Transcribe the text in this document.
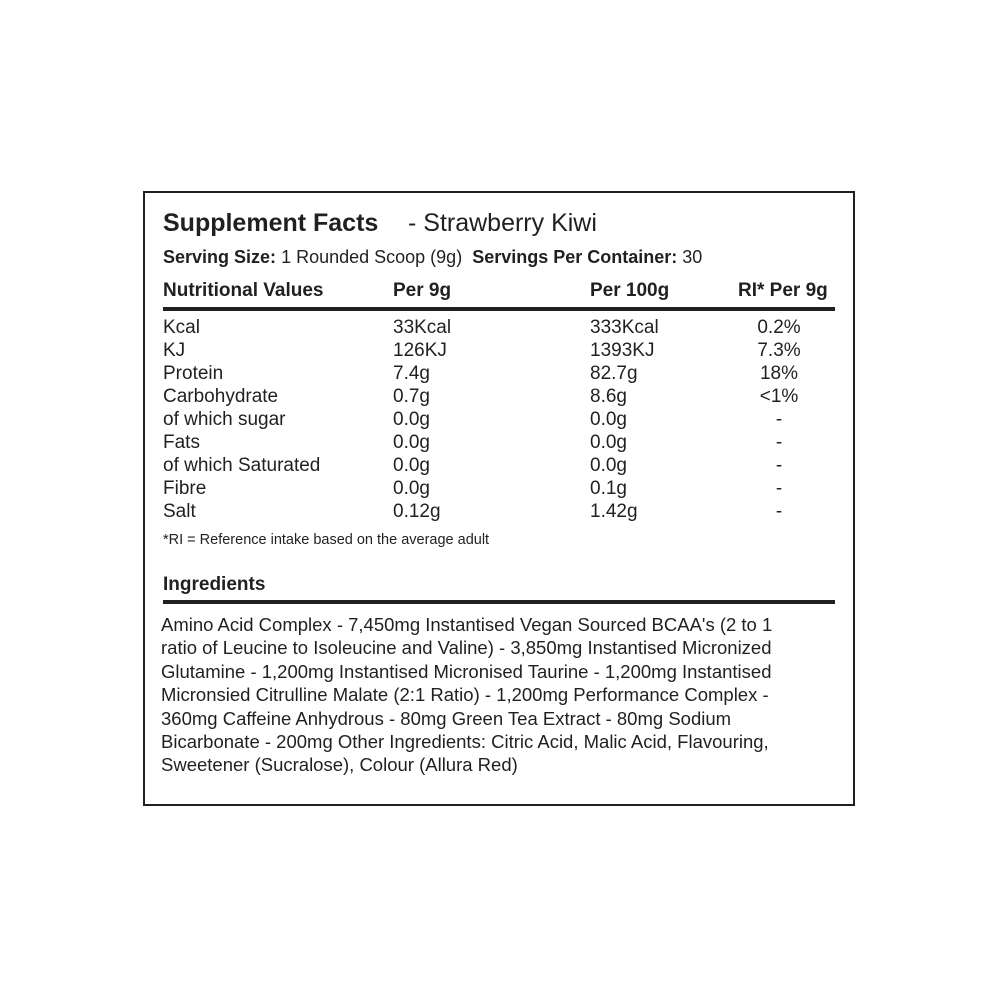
Supplement Facts - Strawberry Kiwi
Serving Size: 1 Rounded Scoop (9g) Servings Per Container: 30
Nutritional Values	Per 9g	Per 100g	RI* Per 9g
Kcal	33Kcal	333Kcal	0.2%
KJ	126KJ	1393KJ	7.3%
Protein	7.4g	82.7g	18%
Carbohydrate	0.7g	8.6g	<1%
of which sugar	0.0g	0.0g	-
Fats	0.0g	0.0g	-
of which Saturated	0.0g	0.0g	-
Fibre	0.0g	0.1g	-
Salt	0.12g	1.42g	-
*RI = Reference intake based on the average adult
Ingredients
Amino Acid Complex - 7,450mg Instantised Vegan Sourced BCAA's (2 to 1
ratio of Leucine to Isoleucine and Valine) - 3,850mg Instantised Micronized
Glutamine - 1,200mg Instantised Micronised Taurine - 1,200mg Instantised
Micronsied Citrulline Malate (2:1 Ratio) - 1,200mg Performance Complex -
360mg Caffeine Anhydrous - 80mg Green Tea Extract - 80mg Sodium
Bicarbonate - 200mg Other Ingredients: Citric Acid, Malic Acid, Flavouring,
Sweetener (Sucralose), Colour (Allura Red)
